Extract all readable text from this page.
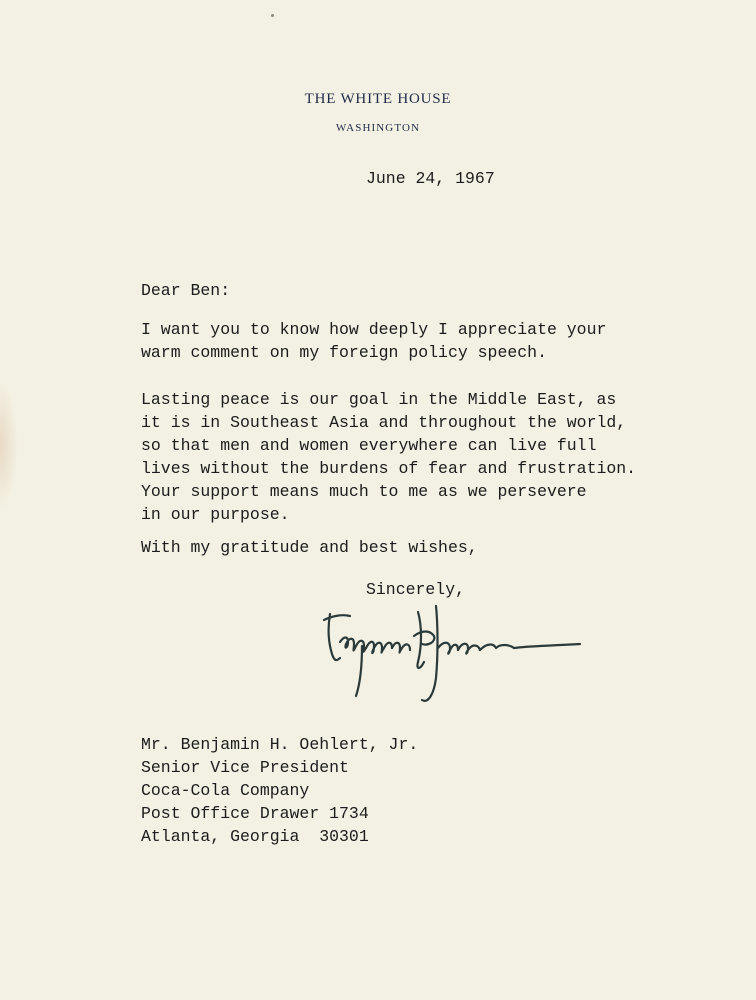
THE WHITE HOUSE
WASHINGTON

June 24, 1967

Dear Ben:

I want you to know how deeply I appreciate your
warm comment on my foreign policy speech.

Lasting peace is our goal in the Middle East, as
it is in Southeast Asia and throughout the world,
so that men and women everywhere can live full
lives without the burdens of fear and frustration.
Your support means much to me as we persevere
in our purpose.

With my gratitude and best wishes,

Sincerely,

Mr. Benjamin H. Oehlert, Jr.
Senior Vice President
Coca-Cola Company
Post Office Drawer 1734
Atlanta, Georgia  30301
